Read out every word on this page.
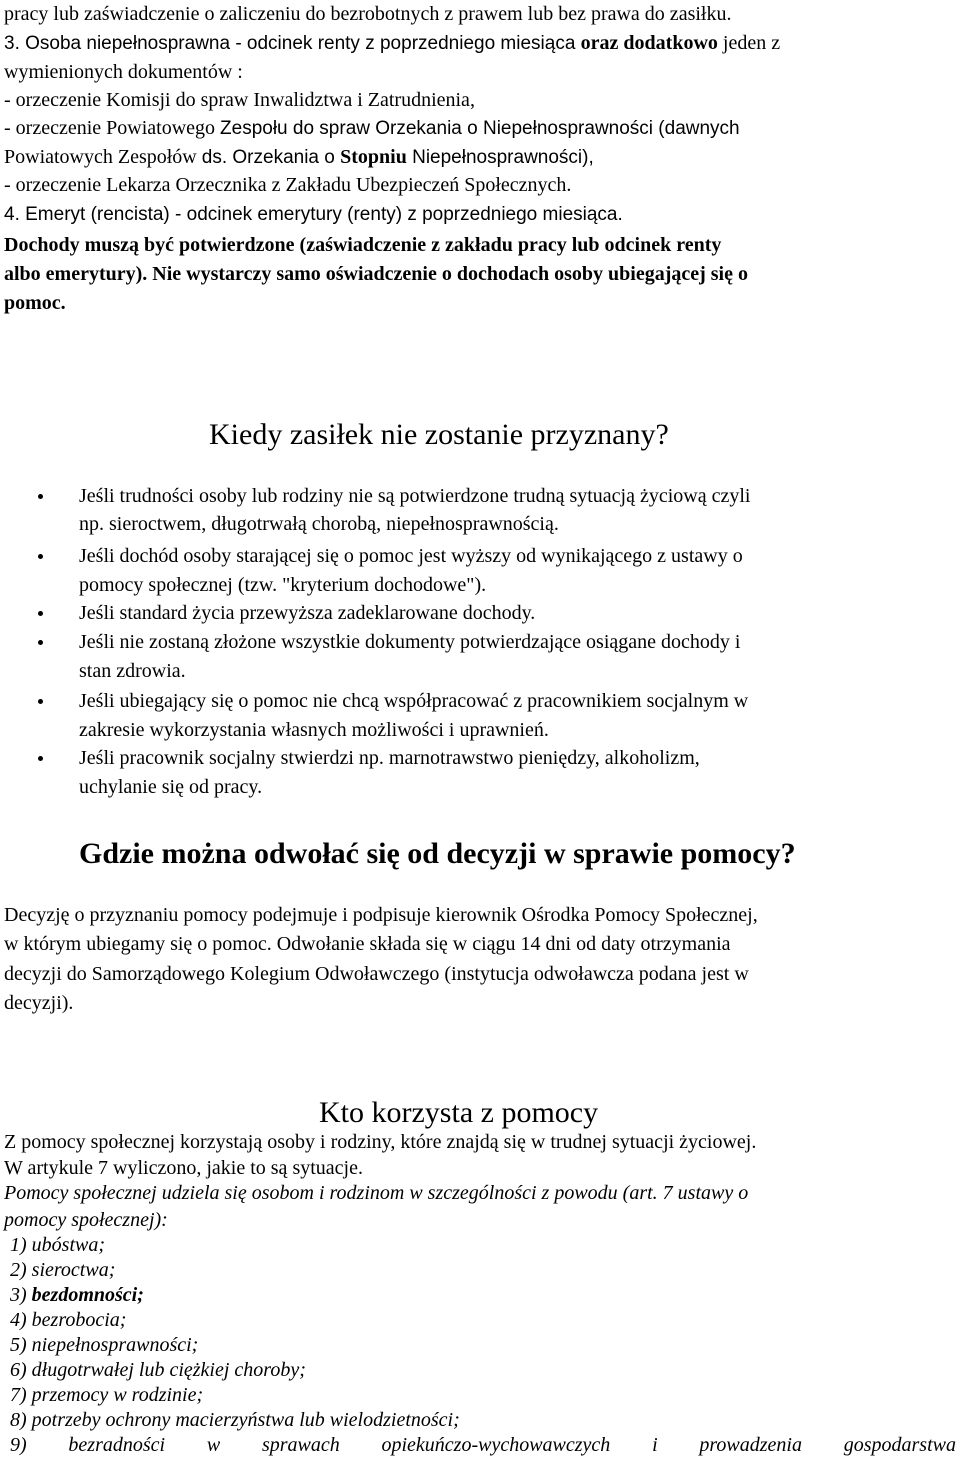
pracy lub zaświadczenie o zaliczeniu do bezrobotnych z prawem lub bez prawa do zasiłku.
3. Osoba niepełnosprawna - odcinek renty z poprzedniego miesiąca oraz dodatkowo jeden z
wymienionych dokumentów :
- orzeczenie Komisji do spraw Inwalidztwa i Zatrudnienia,
- orzeczenie Powiatowego Zespołu do spraw Orzekania o Niepełnosprawności (dawnych
Powiatowych Zespołów ds. Orzekania o Stopniu Niepełnosprawności),
- orzeczenie Lekarza Orzecznika z Zakładu Ubezpieczeń Społecznych.
4. Emeryt (rencista) - odcinek emerytury (renty) z poprzedniego miesiąca.
Dochody muszą być potwierdzone (zaświadczenie z zakładu pracy lub odcinek renty
albo emerytury). Nie wystarczy samo oświadczenie o dochodach osoby ubiegającej się o
pomoc.
Kiedy zasiłek nie zostanie przyznany?
Jeśli trudności osoby lub rodziny nie są potwierdzone trudną sytuacją życiową czyli
np. sieroctwem, długotrwałą chorobą, niepełnosprawnością.
Jeśli dochód osoby starającej się o pomoc jest wyższy od wynikającego z ustawy o
pomocy społecznej (tzw. "kryterium dochodowe").
Jeśli standard życia przewyższa zadeklarowane dochody.
Jeśli nie zostaną złożone wszystkie dokumenty potwierdzające osiągane dochody i
stan zdrowia.
Jeśli ubiegający się o pomoc nie chcą współpracować z pracownikiem socjalnym w
zakresie wykorzystania własnych możliwości i uprawnień.
Jeśli pracownik socjalny stwierdzi np. marnotrawstwo pieniędzy, alkoholizm,
uchylanie się od pracy.
Gdzie można odwołać się od decyzji w sprawie pomocy?
Decyzję o przyznaniu pomocy podejmuje i podpisuje kierownik Ośrodka Pomocy Społecznej,
w którym ubiegamy się o pomoc. Odwołanie składa się w ciągu 14 dni od daty otrzymania
decyzji do Samorządowego Kolegium Odwoławczego (instytucja odwoławcza podana jest w
decyzji).
Kto korzysta z pomocy
Z pomocy społecznej korzystają osoby i rodziny, które znajdą się w trudnej sytuacji życiowej.
W artykule 7 wyliczono, jakie to są sytuacje.
Pomocy społecznej udziela się osobom i rodzinom w szczególności z powodu (art. 7 ustawy o
pomocy społecznej):
1) ubóstwa;
2) sieroctwa;
3) bezdomności;
4) bezrobocia;
5) niepełnosprawności;
6) długotrwałej lub ciężkiej choroby;
7) przemocy w rodzinie;
8) potrzeby ochrony macierzyństwa lub wielodzietności;
9) bezradności w sprawach opiekuńczo-wychowawczych i prowadzenia gospodarstwa
